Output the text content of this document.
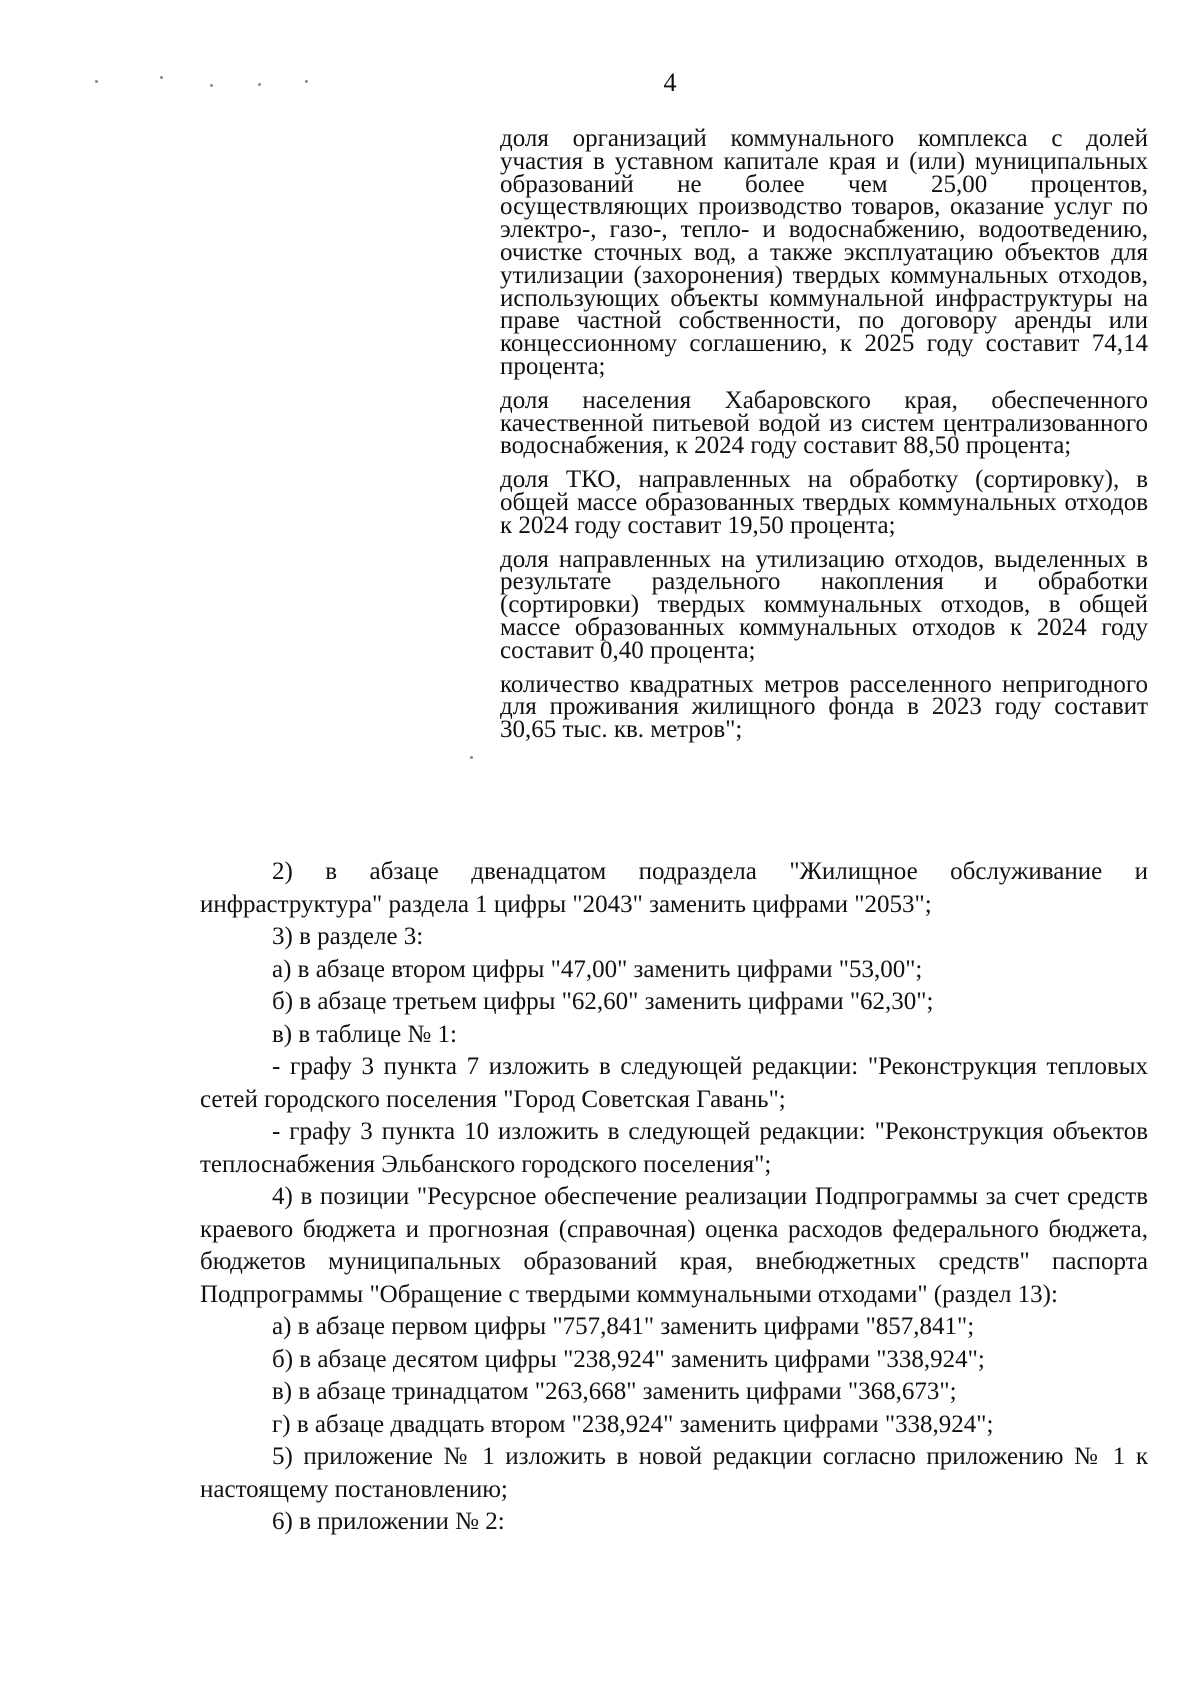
4

доля организаций коммунального комплекса с долей участия в уставном капитале края и (или) муниципальных образований не более чем 25,00 процентов, осуществляющих производство товаров, оказание услуг по электро-, газо-, тепло- и водоснабжению, водоотведению, очистке сточных вод, а также эксплуатацию объектов для утилизации (захоронения) твердых коммунальных отходов, использующих объекты коммунальной инфраструктуры на праве частной собственности, по договору аренды или концессионному соглашению, к 2025 году составит 74,14 процента;

доля населения Хабаровского края, обеспеченного качественной питьевой водой из систем централизованного водоснабжения, к 2024 году составит 88,50 процента;

доля ТКО, направленных на обработку (сортировку), в общей массе образованных твердых коммунальных отходов к 2024 году составит 19,50 процента;

доля направленных на утилизацию отходов, выделенных в результате раздельного накопления и обработки (сортировки) твердых коммунальных отходов, в общей массе образованных коммунальных отходов к 2024 году составит 0,40 процента;

количество квадратных метров расселенного непригодного для проживания жилищного фонда в 2023 году составит 30,65 тыс. кв. метров";

2) в абзаце двенадцатом подраздела "Жилищное обслуживание и инфраструктура" раздела 1 цифры "2043" заменить цифрами "2053";

3) в разделе 3:

а) в абзаце втором цифры "47,00" заменить цифрами "53,00";

б) в абзаце третьем цифры "62,60" заменить цифрами "62,30";

в) в таблице № 1:

- графу 3 пункта 7 изложить в следующей редакции: "Реконструкция тепловых сетей городского поселения "Город Советская Гавань";

- графу 3 пункта 10 изложить в следующей редакции: "Реконструкция объектов теплоснабжения Эльбанского городского поселения";

4) в позиции "Ресурсное обеспечение реализации Подпрограммы за счет средств краевого бюджета и прогнозная (справочная) оценка расходов федерального бюджета, бюджетов муниципальных образований края, внебюджетных средств" паспорта Подпрограммы "Обращение с твердыми коммунальными отходами" (раздел 13):

а) в абзаце первом цифры "757,841" заменить цифрами "857,841";

б) в абзаце десятом цифры "238,924" заменить цифрами "338,924";

в) в абзаце тринадцатом "263,668" заменить цифрами "368,673";

г) в абзаце двадцать втором "238,924" заменить цифрами "338,924";

5) приложение № 1 изложить в новой редакции согласно приложению № 1 к настоящему постановлению;

6) в приложении № 2:
